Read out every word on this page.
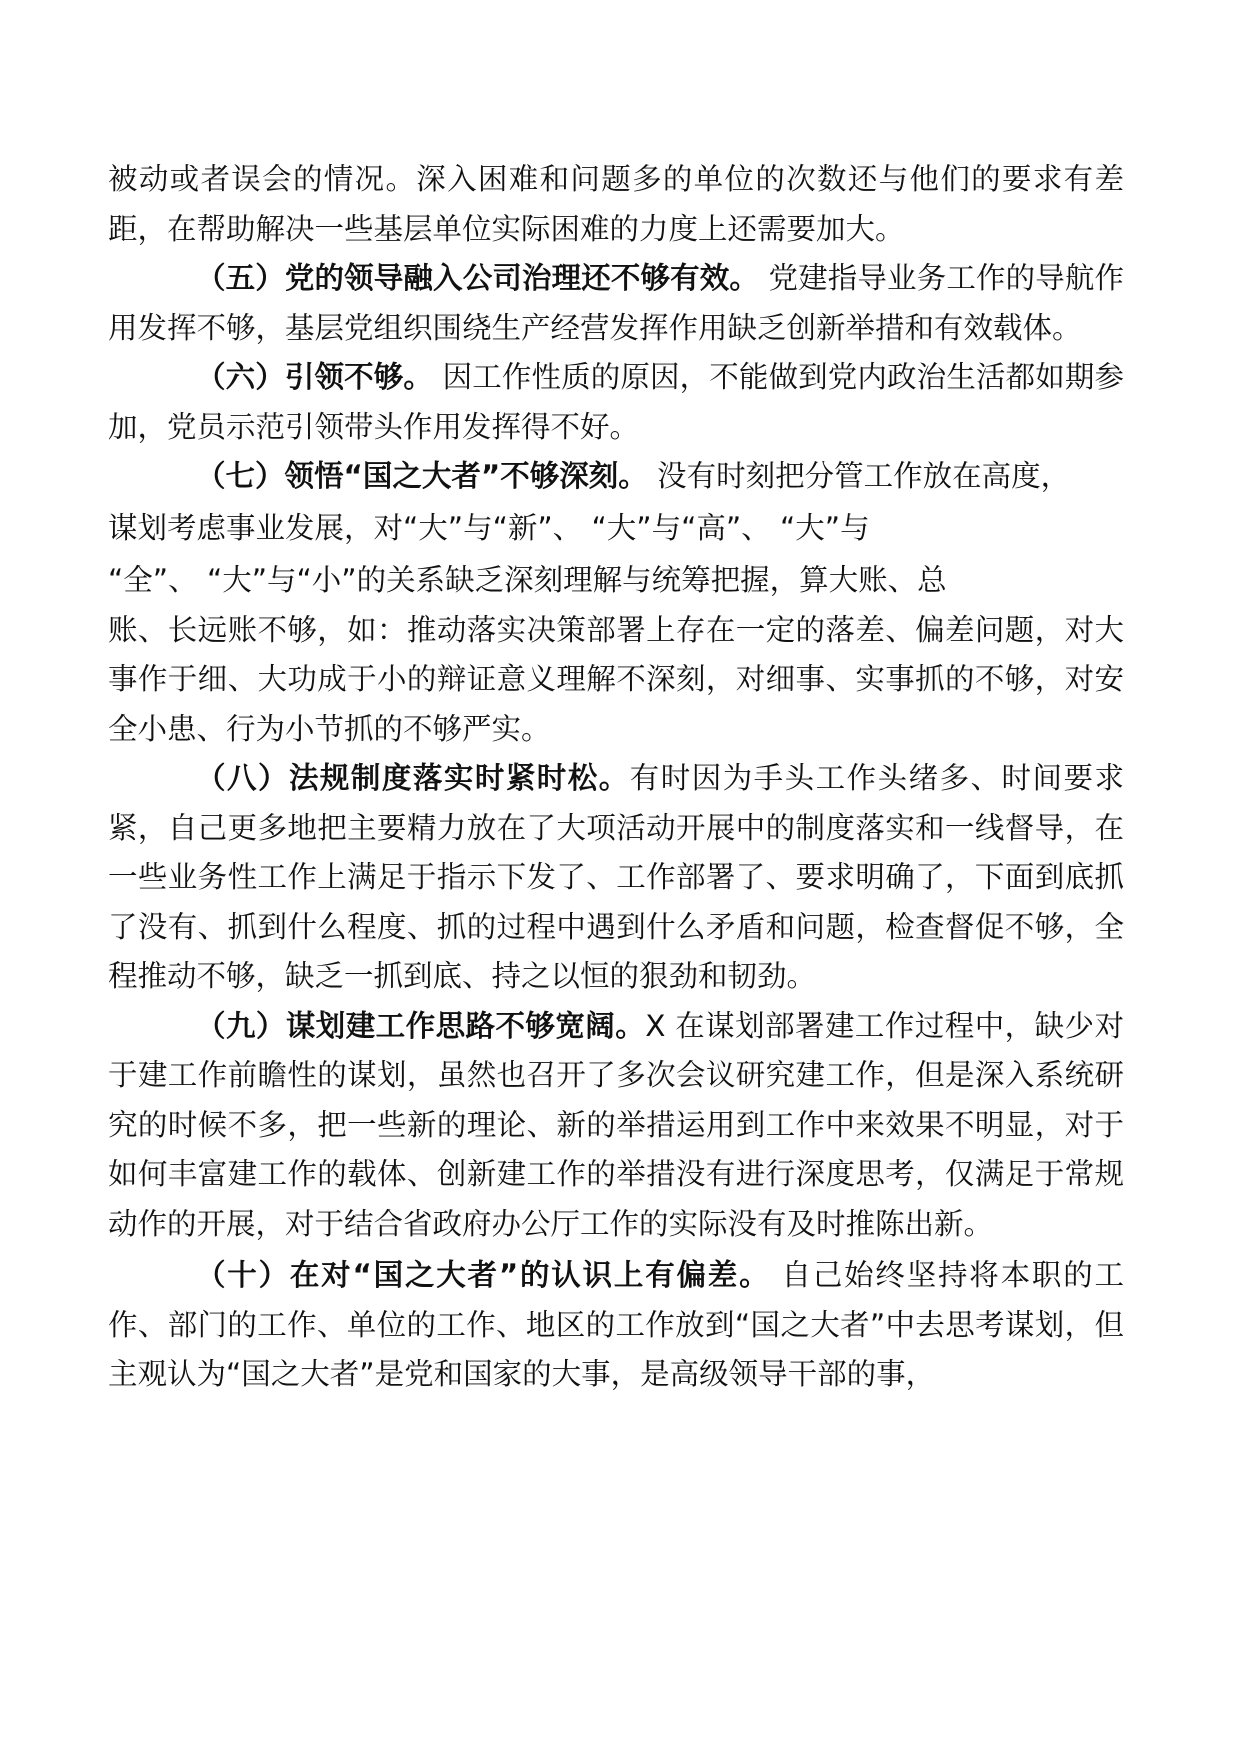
被动或者误会的情况。深入困难和问题多的单位的次数还与他们的要求有差距，在帮助解决一些基层单位实际困难的力度上还需要加大。

（五）党的领导融入公司治理还不够有效。 党建指导业务工作的导航作用发挥不够，基层党组织围绕生产经营发挥作用缺乏创新举措和有效载体。

（六）引领不够。 因工作性质的原因，不能做到党内政治生活都如期参加，党员示范引领带头作用发挥得不好。

（七）领悟“国之大者”不够深刻。 没有时刻把分管工作放在高度，
谋划考虑事业发展，对“大”与“新”、 “大”与“高”、 “大”与
“全”、 “大”与“小”的关系缺乏深刻理解与统筹把握，算大账、总

账、长远账不够，如：推动落实决策部署上存在一定的落差、偏差问题，对大事作于细、大功成于小的辩证意义理解不深刻，对细事、实事抓的不够，对安全小患、行为小节抓的不够严实。

（八）法规制度落实时紧时松。有时因为手头工作头绪多、时间要求紧，自己更多地把主要精力放在了大项活动开展中的制度落实和一线督导，在一些业务性工作上满足于指示下发了、工作部署了、要求明确了，下面到底抓了没有、抓到什么程度、抓的过程中遇到什么矛盾和问题，检查督促不够，全程推动不够，缺乏一抓到底、持之以恒的狠劲和韧劲。

（九）谋划建工作思路不够宽阔。X 在谋划部署建工作过程中，缺少对于建工作前瞻性的谋划，虽然也召开了多次会议研究建工作，但是深入系统研究的时候不多，把一些新的理论、新的举措运用到工作中来效果不明显，对于如何丰富建工作的载体、创新建工作的举措没有进行深度思考，仅满足于常规动作的开展，对于结合省政府办公厅工作的实际没有及时推陈出新。

（十）在对“国之大者”的认识上有偏差。 自己始终坚持将本职的工作、部门的工作、单位的工作、地区的工作放到“国之大者”中去思考谋划，但主观认为“国之大者”是党和国家的大事，是高级领导干部的事，
